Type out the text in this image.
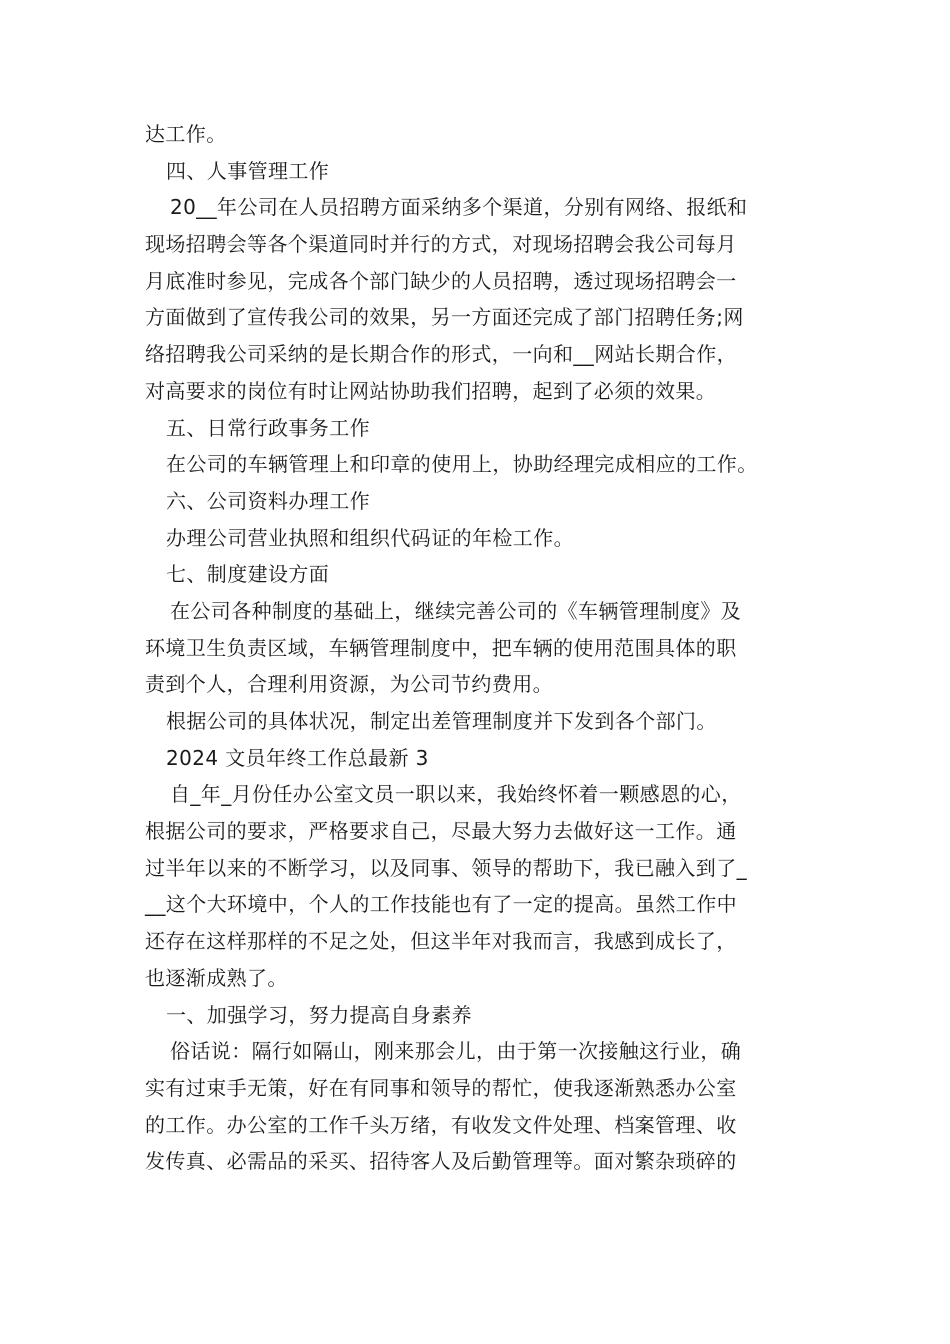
达工作。
四、人事管理工作
20__年公司在人员招聘方面采纳多个渠道，分别有网络、报纸和
现场招聘会等各个渠道同时并行的方式，对现场招聘会我公司每月
月底准时参见，完成各个部门缺少的人员招聘，透过现场招聘会一
方面做到了宣传我公司的效果，另一方面还完成了部门招聘任务;网
络招聘我公司采纳的是长期合作的形式，一向和__网站长期合作，
对高要求的岗位有时让网站协助我们招聘，起到了必须的效果。
五、日常行政事务工作
在公司的车辆管理上和印章的使用上，协助经理完成相应的工作。
六、公司资料办理工作
办理公司营业执照和组织代码证的年检工作。
七、制度建设方面
在公司各种制度的基础上，继续完善公司的《车辆管理制度》及
环境卫生负责区域，车辆管理制度中，把车辆的使用范围具体的职
责到个人，合理利用资源，为公司节约费用。
根据公司的具体状况，制定出差管理制度并下发到各个部门。
2024 文员年终工作总最新 3
自_年_月份任办公室文员一职以来，我始终怀着一颗感恩的心，
根据公司的要求，严格要求自己，尽最大努力去做好这一工作。通
过半年以来的不断学习，以及同事、领导的帮助下，我已融入到了_
__这个大环境中，个人的工作技能也有了一定的提高。虽然工作中
还存在这样那样的不足之处，但这半年对我而言，我感到成长了，
也逐渐成熟了。
一、加强学习，努力提高自身素养
俗话说：隔行如隔山，刚来那会儿，由于第一次接触这行业，确
实有过束手无策，好在有同事和领导的帮忙，使我逐渐熟悉办公室
的工作。办公室的工作千头万绪，有收发文件处理、档案管理、收
发传真、必需品的采买、招待客人及后勤管理等。面对繁杂琐碎的
